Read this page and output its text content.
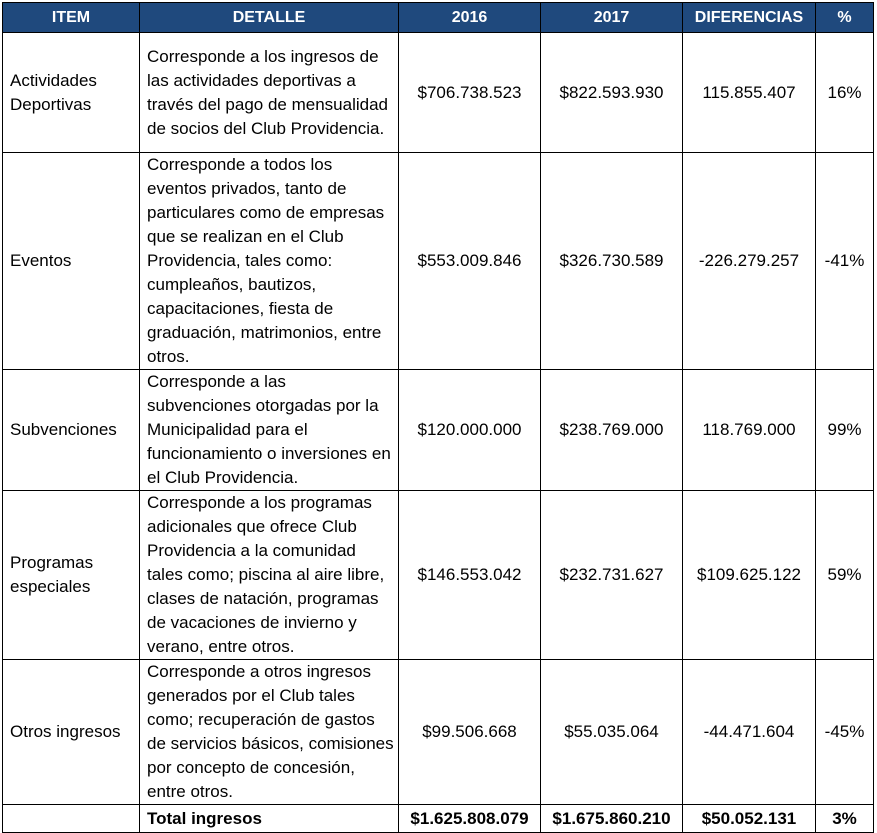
ITEM	DETALLE	2016	2017	DIFERENCIAS	%
Actividades Deportivas	Corresponde a los ingresos de las actividades deportivas a través del pago de mensualidad de socios del Club Providencia.	$706.738.523	$822.593.930	115.855.407	16%
Eventos	Corresponde a todos los eventos privados, tanto de particulares como de empresas que se realizan en el Club Providencia, tales como: cumpleaños, bautizos, capacitaciones, fiesta de graduación, matrimonios, entre otros.	$553.009.846	$326.730.589	-226.279.257	-41%
Subvenciones	Corresponde a las subvenciones otorgadas por la Municipalidad para el funcionamiento o inversiones en el Club Providencia.	$120.000.000	$238.769.000	118.769.000	99%
Programas especiales	Corresponde a los programas adicionales que ofrece Club Providencia a la comunidad tales como; piscina al aire libre, clases de natación, programas de vacaciones de invierno y verano, entre otros.	$146.553.042	$232.731.627	$109.625.122	59%
Otros ingresos	Corresponde a otros ingresos generados por el Club tales como; recuperación de gastos de servicios básicos, comisiones por concepto de concesión, entre otros.	$99.506.668	$55.035.064	-44.471.604	-45%
	Total ingresos	$1.625.808.079	$1.675.860.210	$50.052.131	3%
